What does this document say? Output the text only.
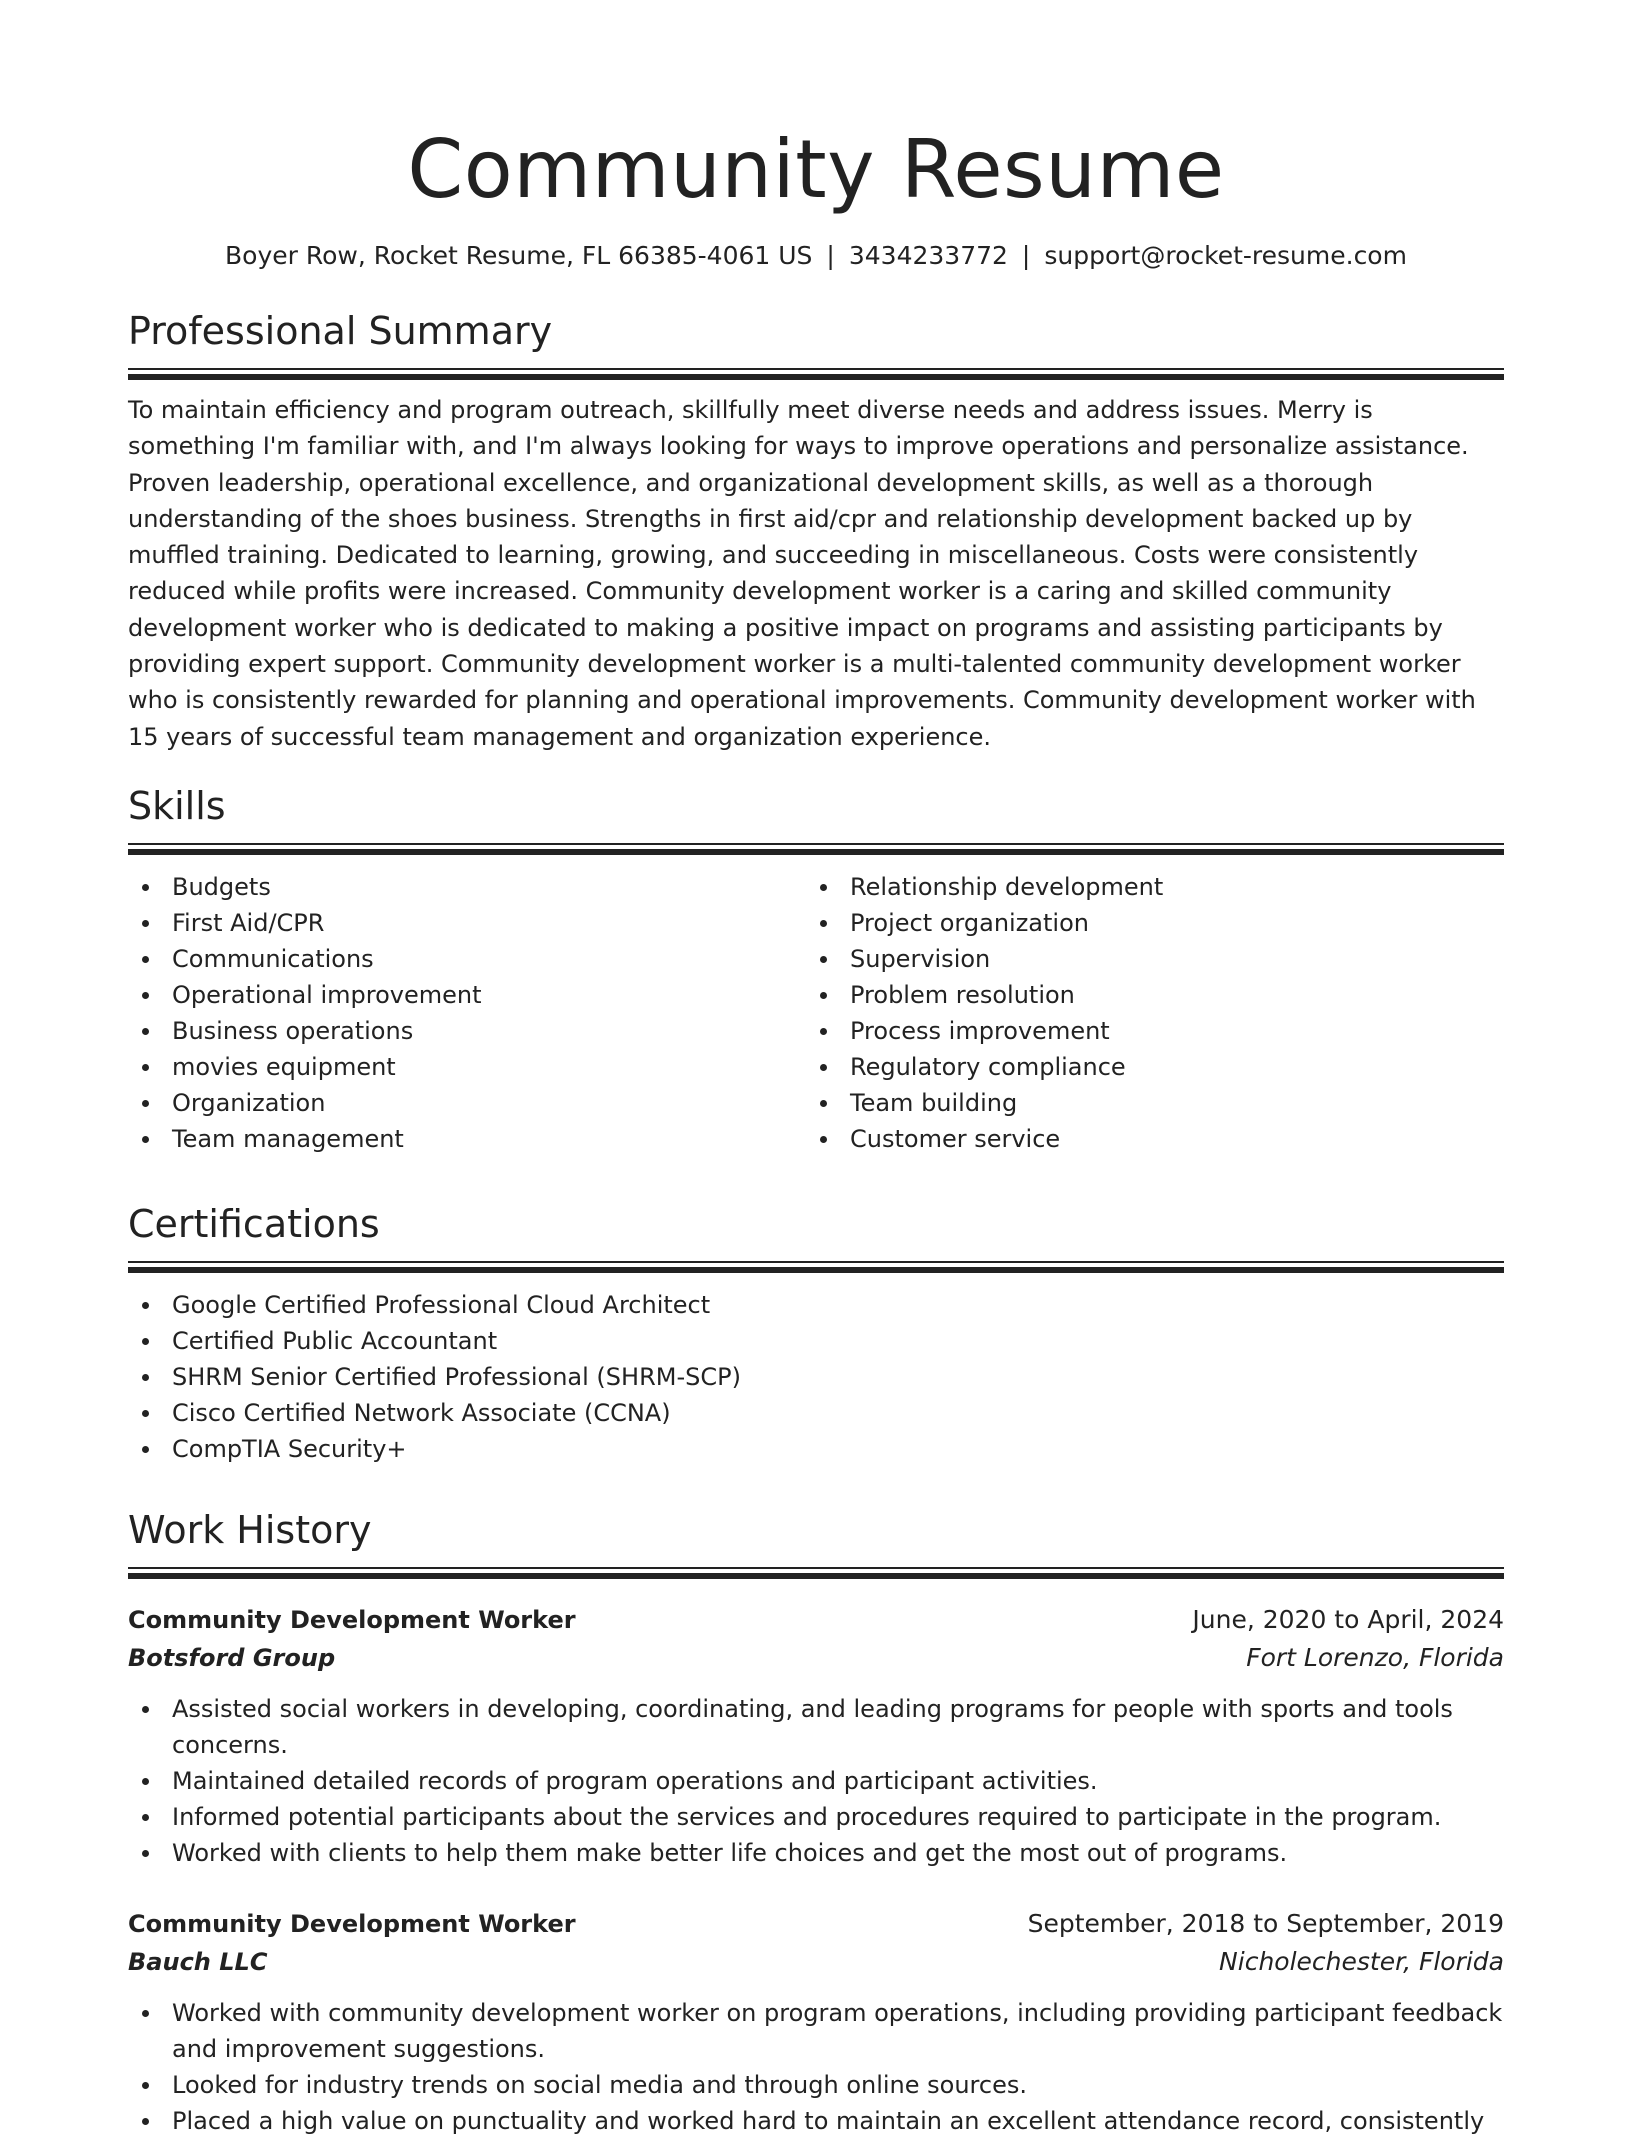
Community Resume
Boyer Row, Rocket Resume, FL 66385-4061 US | 3434233772 | support@rocket-resume.com
Professional Summary
To maintain efficiency and program outreach, skillfully meet diverse needs and address issues. Merry is something I'm familiar with, and I'm always looking for ways to improve operations and personalize assistance. Proven leadership, operational excellence, and organizational development skills, as well as a thorough understanding of the shoes business. Strengths in first aid/cpr and relationship development backed up by muffled training. Dedicated to learning, growing, and succeeding in miscellaneous. Costs were consistently reduced while profits were increased. Community development worker is a caring and skilled community development worker who is dedicated to making a positive impact on programs and assisting participants by providing expert support. Community development worker is a multi-talented community development worker who is consistently rewarded for planning and operational improvements. Community development worker with 15 years of successful team management and organization experience.
Skills
Budgets
First Aid/CPR
Communications
Operational improvement
Business operations
movies equipment
Organization
Team management
Relationship development
Project organization
Supervision
Problem resolution
Process improvement
Regulatory compliance
Team building
Customer service
Certifications
Google Certified Professional Cloud Architect
Certified Public Accountant
SHRM Senior Certified Professional (SHRM-SCP)
Cisco Certified Network Associate (CCNA)
CompTIA Security+
Work History
Community Development Worker	June, 2020 to April, 2024
Botsford Group	Fort Lorenzo, Florida
Assisted social workers in developing, coordinating, and leading programs for people with sports and tools concerns.
Maintained detailed records of program operations and participant activities.
Informed potential participants about the services and procedures required to participate in the program.
Worked with clients to help them make better life choices and get the most out of programs.
Community Development Worker	September, 2018 to September, 2019
Bauch LLC	Nicholechester, Florida
Worked with community development worker on program operations, including providing participant feedback and improvement suggestions.
Looked for industry trends on social media and through online sources.
Placed a high value on punctuality and worked hard to maintain an excellent attendance record, consistently
